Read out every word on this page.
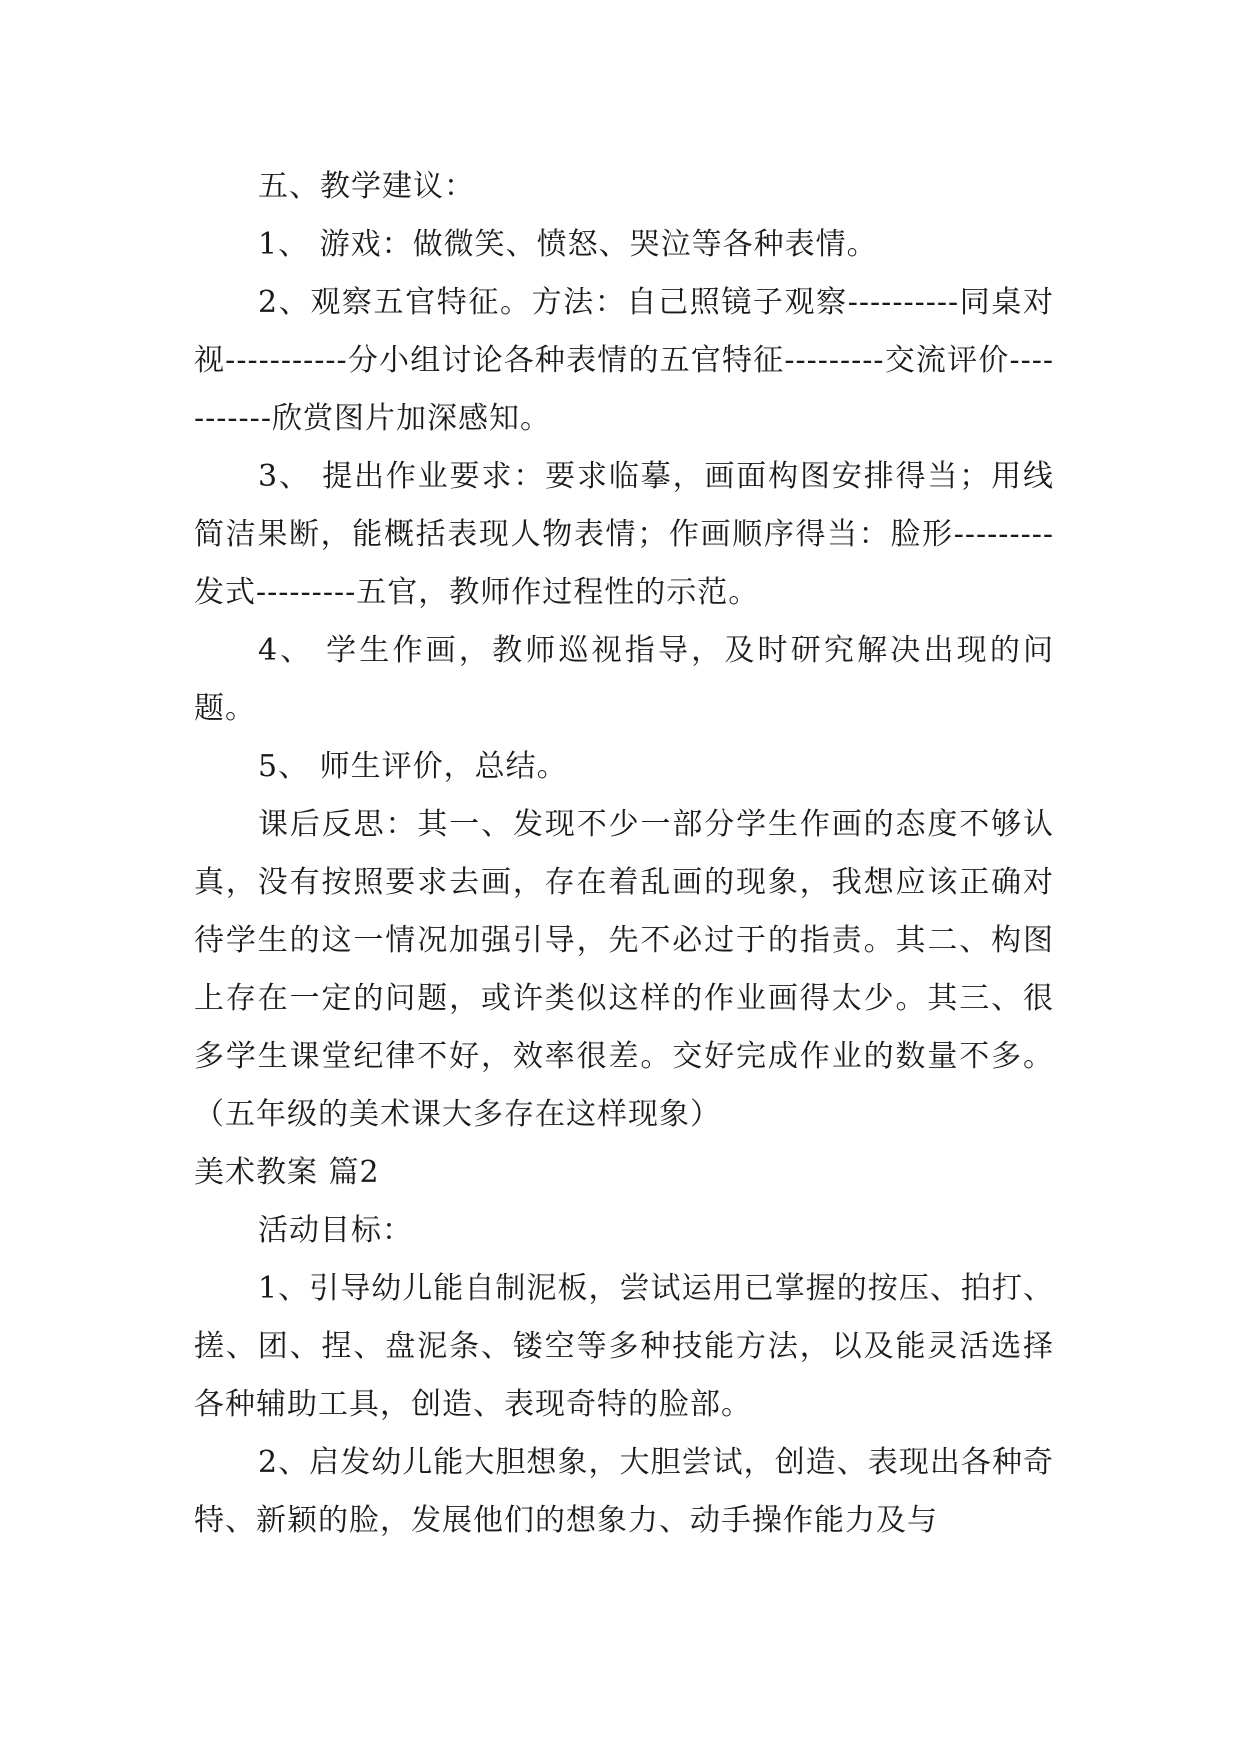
五、教学建议：

1、 游戏：做微笑、愤怒、哭泣等各种表情。

2、观察五官特征。方法：自己照镜子观察----------同桌对视-----------分小组讨论各种表情的五官特征---------交流评价-----------欣赏图片加深感知。

3、 提出作业要求：要求临摹，画面构图安排得当；用线简洁果断，能概括表现人物表情；作画顺序得当：脸形---------发式---------五官，教师作过程性的示范。

4、 学生作画，教师巡视指导，及时研究解决出现的问题。

5、 师生评价，总结。

课后反思：其一、发现不少一部分学生作画的态度不够认真，没有按照要求去画，存在着乱画的现象，我想应该正确对待学生的这一情况加强引导，先不必过于的指责。其二、构图上存在一定的问题，或许类似这样的作业画得太少。其三、很多学生课堂纪律不好，效率很差。交好完成作业的数量不多。（五年级的美术课大多存在这样现象）

美术教案 篇2

活动目标：

1、引导幼儿能自制泥板，尝试运用已掌握的按压、拍打、搓、团、捏、盘泥条、镂空等多种技能方法，以及能灵活选择各种辅助工具，创造、表现奇特的脸部。

2、启发幼儿能大胆想象，大胆尝试，创造、表现出各种奇特、新颖的脸，发展他们的想象力、动手操作能力及与
